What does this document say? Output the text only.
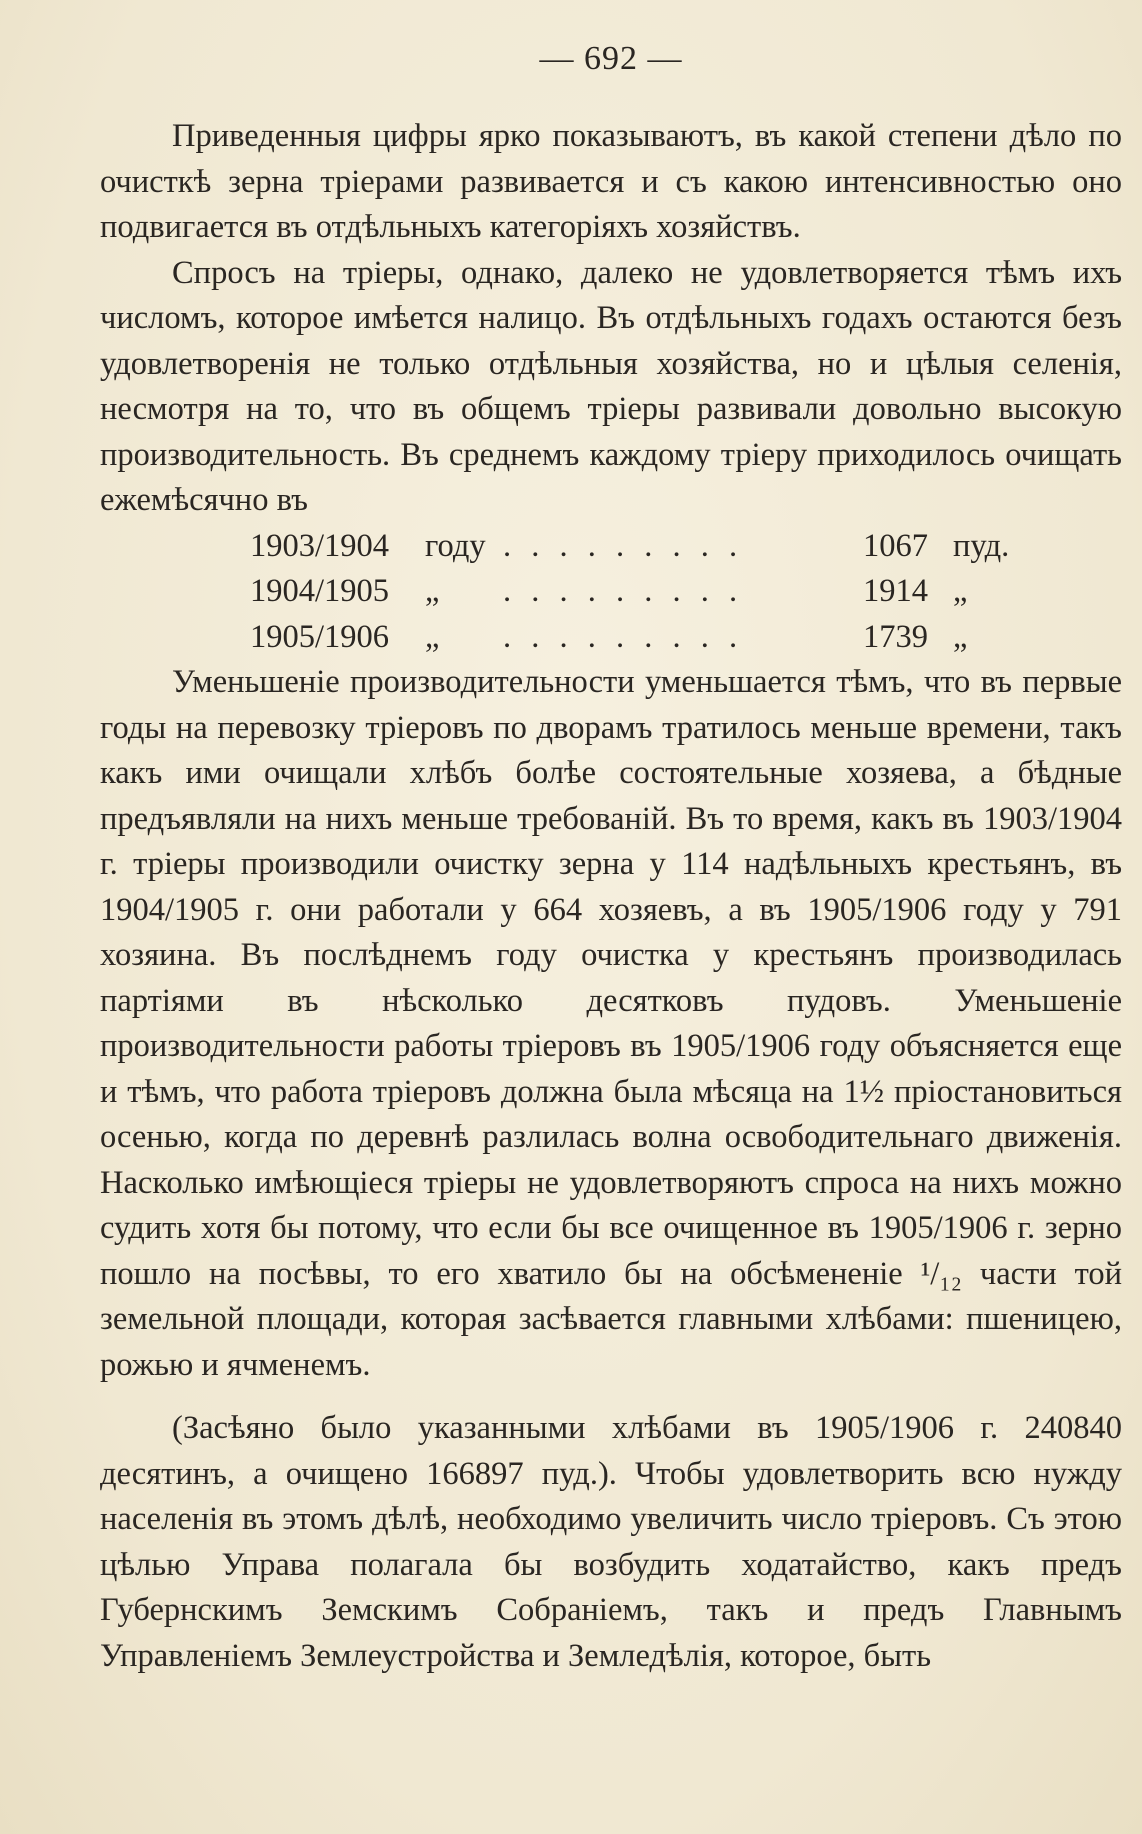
— 692 —

Приведенныя цифры ярко показываютъ, въ какой степени дѣло по очисткѣ зерна тріерами развивается и съ какою интенсивностью оно подвигается въ отдѣльныхъ категоріяхъ хозяйствъ.

Спросъ на тріеры, однако, далеко не удовлетворяется тѣмъ ихъ числомъ, которое имѣется налицо. Въ отдѣльныхъ годахъ остаются безъ удовлетворенія не только отдѣльныя хозяйства, но и цѣлыя селенія, несмотря на то, что въ общемъ тріеры развивали довольно высокую производительность. Въ среднемъ каждому тріеру приходилось очищать ежемѣсячно въ

1903/1904	году . . . . . . . . .	1067 пуд.
1904/1905	„	. . . . . . . . .	1914 „
1905/1906	„	. . . . . . . . .	1739 „

Уменьшеніе производительности уменьшается тѣмъ, что въ первые годы на перевозку тріеровъ по дворамъ тратилось меньше времени, такъ какъ ими очищали хлѣбъ болѣе состоятельные хозяева, а бѣдные предъявляли на нихъ меньше требованій. Въ то время, какъ въ 1903/1904 г. тріеры производили очистку зерна у 114 надѣльныхъ крестьянъ, въ 1904/1905 г. они работали у 664 хозяевъ, а въ 1905/1906 году у 791 хозяина. Въ послѣднемъ году очистка у крестьянъ производилась партіями въ нѣсколько десятковъ пудовъ. Уменьшеніе производительности работы тріеровъ въ 1905/1906 году объясняется еще и тѣмъ, что работа тріеровъ должна была мѣсяца на 1½ пріостановиться осенью, когда по деревнѣ разлилась волна освободительнаго движенія. Насколько имѣющіеся тріеры не удовлетворяютъ спроса на нихъ можно судить хотя бы потому, что если бы все очищенное въ 1905/1906 г. зерно пошло на посѣвы, то его хватило бы на обсѣмененіе ¹/₁₂ части той земельной площади, которая засѣвается главными хлѣбами: пшеницею, рожью и ячменемъ.

(Засѣяно было указанными хлѣбами въ 1905/1906 г. 240840 десятинъ, а очищено 166897 пуд.). Чтобы удовлетворить всю нужду населенія въ этомъ дѣлѣ, необходимо увеличить число тріеровъ. Съ этою цѣлью Управа полагала бы возбудить ходатайство, какъ предъ Губернскимъ Земскимъ Собраніемъ, такъ и предъ Главнымъ Управленіемъ Землеустройства и Земледѣлія, которое, быть
